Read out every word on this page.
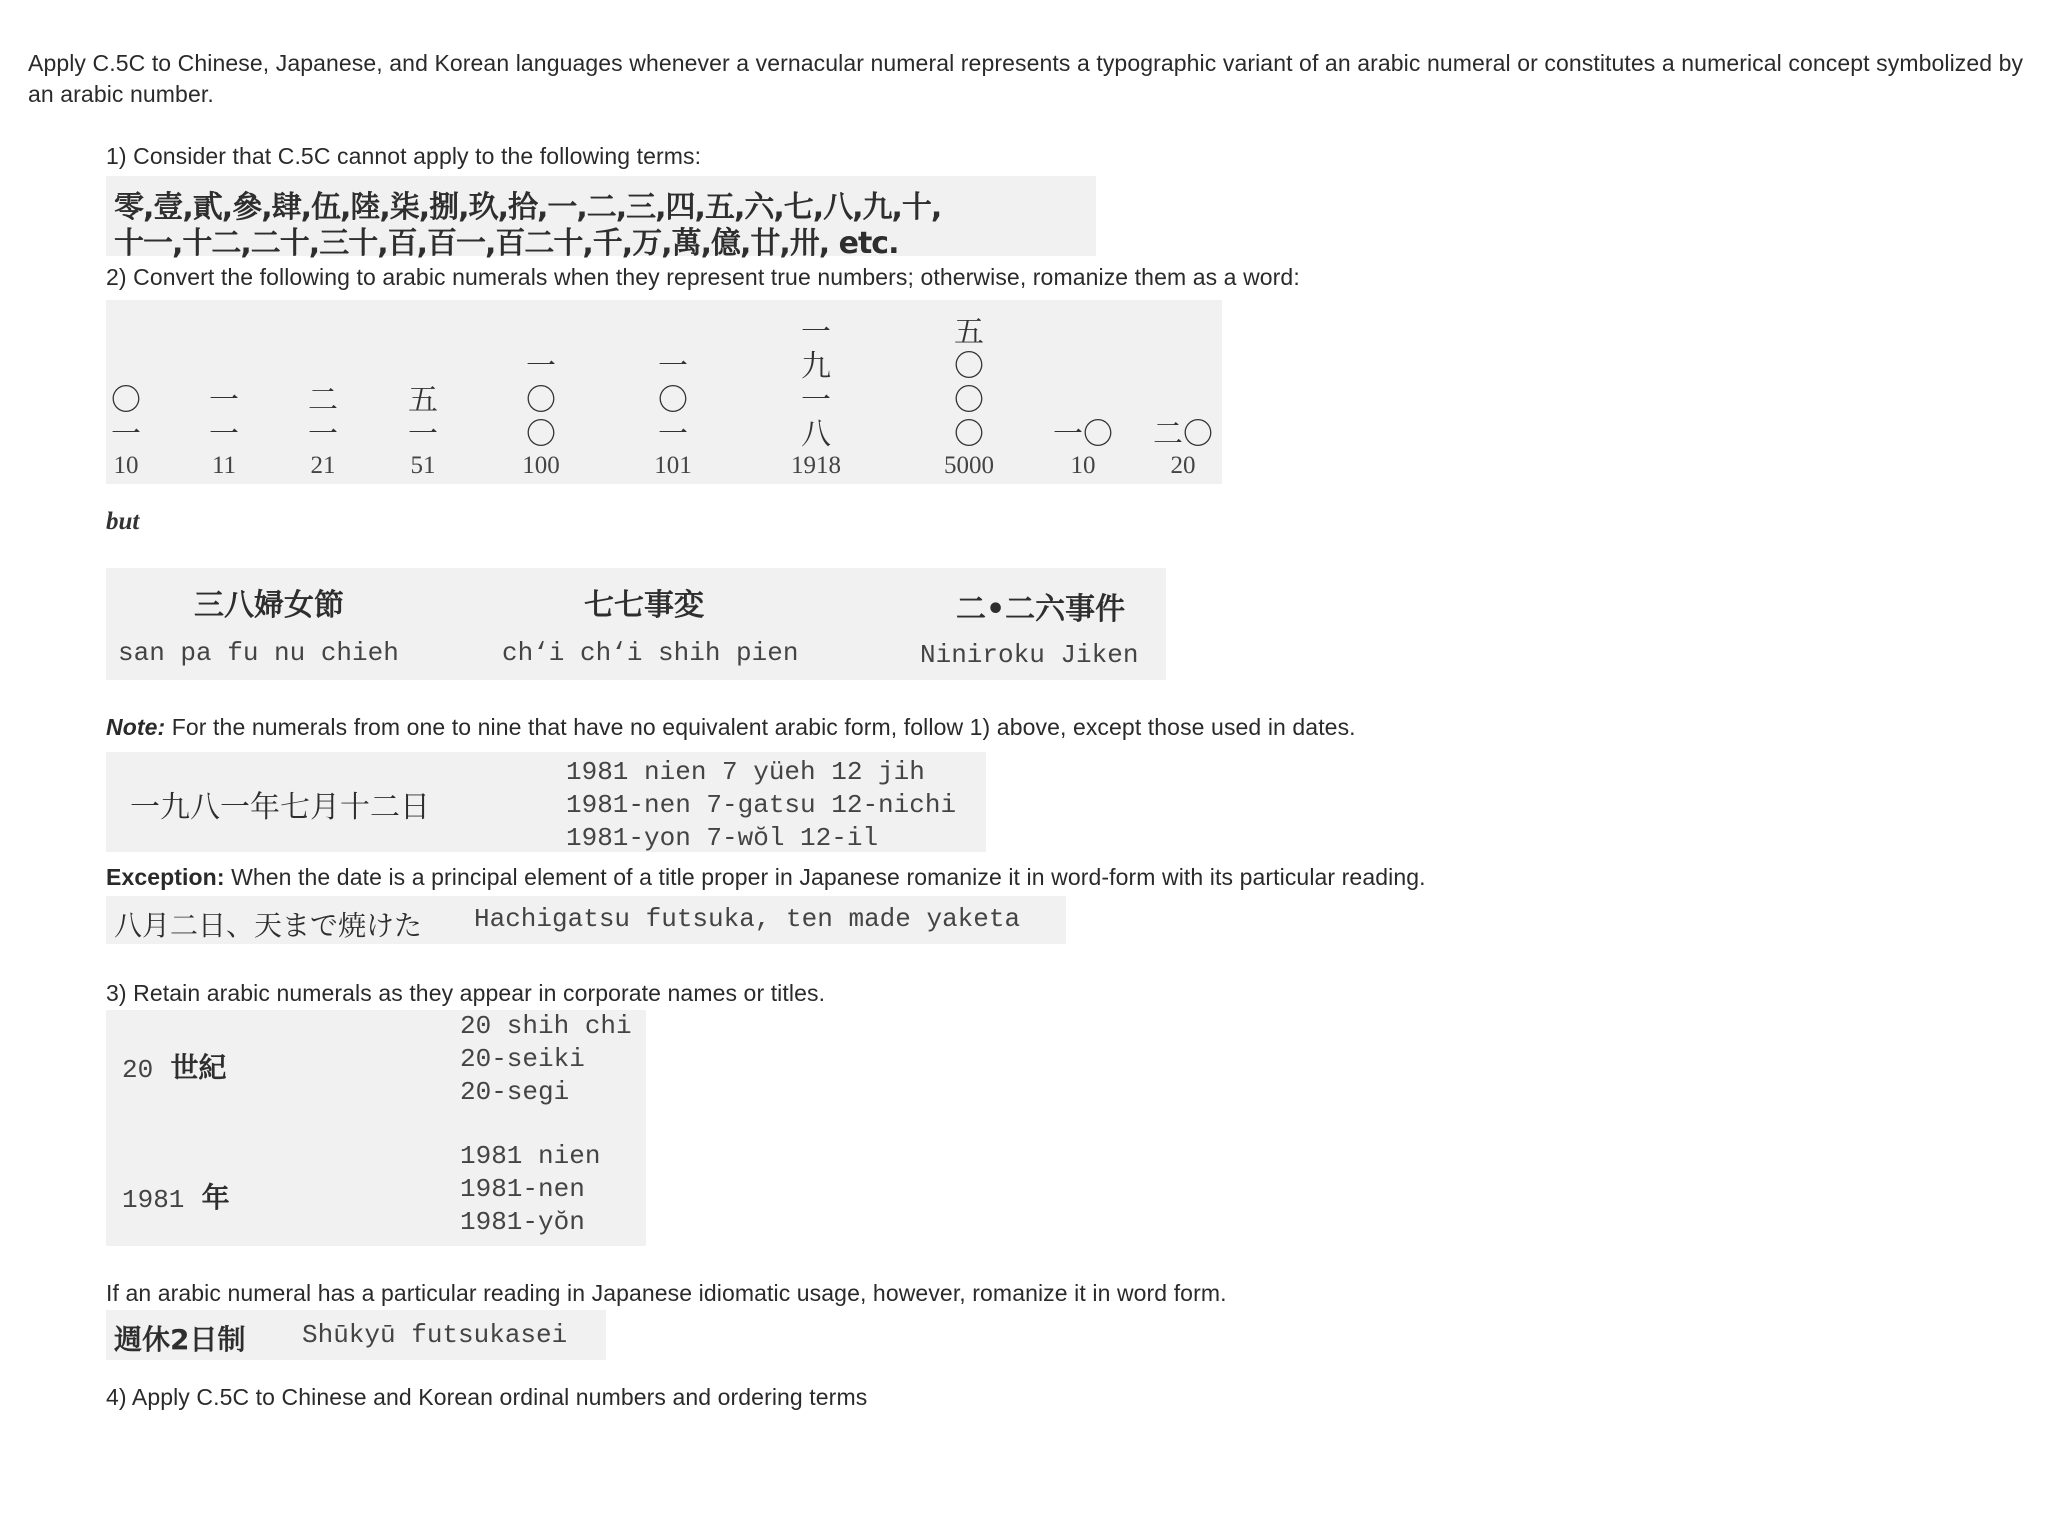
Apply C.5C to Chinese, Japanese, and Korean languages whenever a vernacular numeral represents a typographic variant of an arabic numeral or constitutes a numerical concept symbolized by an arabic number.
1) Consider that C.5C cannot apply to the following terms:
零,壹,貳,參,肆,伍,陸,柒,捌,玖,拾,一,二,三,四,五,六,七,八,九,十,
十一,十二,二十,三十,百,百一,百二十,千,万,萬,億,廿,卅, etc.
2) Convert the following to arabic numerals when they represent true numbers; otherwise, romanize them as a word:
〇
一
10
一
一
11
二
一
21
五
一
51
一
〇
〇
100
一
〇
一
101
一
九
一
八
1918
五
〇
〇
〇
5000
一〇
10
二〇
20
but
三八婦女節
san pa fu nu chieh
七七事変
ch‘i ch‘i shih pien
二•二六事件
Niniroku Jiken
Note: For the numerals from one to nine that have no equivalent arabic form, follow 1) above, except those used in dates.
一九八一年七月十二日
1981 nien 7 yüeh 12 jih
1981-nen 7-gatsu 12-nichi
1981-yon 7-wŏl 12-il
Exception: When the date is a principal element of a title proper in Japanese romanize it in word-form with its particular reading.
八月二日、天まで焼けた Hachigatsu futsuka, ten made yaketa
3) Retain arabic numerals as they appear in corporate names or titles.
20 世紀
20 shih chi
20-seiki
20-segi
1981 年
1981 nien
1981-nen
1981-yŏn
If an arabic numeral has a particular reading in Japanese idiomatic usage, however, romanize it in word form.
週休2日制 Shūkyū futsukasei
4) Apply C.5C to Chinese and Korean ordinal numbers and ordering terms
